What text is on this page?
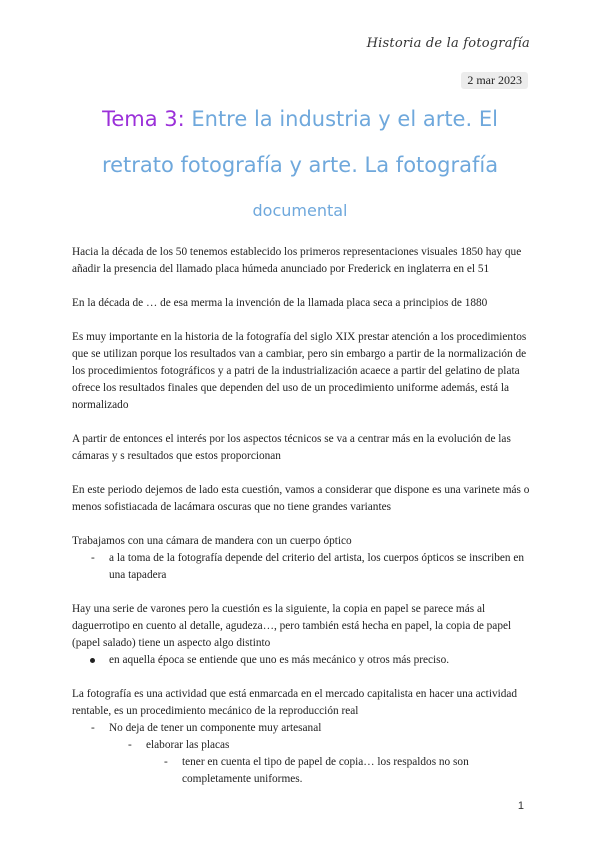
Historia de la fotografía
2 mar 2023
Tema 3: Entre la industria y el arte. El
retrato fotografía y arte. La fotografía
documental

Hacia la década de los 50 tenemos establecido los primeros representaciones visuales 1850 hay que añadir la presencia del llamado placa húmeda anunciado por Frederick en inglaterra en el 51

En la década de … de esa merma la invención de la llamada placa seca a principios de 1880

Es muy importante en la historia de la fotografía del siglo XIX prestar atención a los procedimientos que se utilizan porque los resultados van a cambiar, pero sin embargo a partir de la normalización de los procedimientos fotográficos y a patri de la industrialización acaece a partir del gelatino de plata ofrece los resultados finales que dependen del uso de un procedimiento uniforme además, está la normalizado

A partir de entonces el interés por los aspectos técnicos se va a centrar más en la evolución de las cámaras y s resultados que estos proporcionan

En este periodo dejemos de lado esta cuestión, vamos a considerar que dispone es una varinete más o menos sofistiacada de lacámara oscuras que no tiene grandes variantes

Trabajamos con una cámara de mandera con un cuerpo óptico

- a la toma de la fotografía depende del criterio del artista, los cuerpos ópticos se inscriben en una tapadera

Hay una serie de varones pero la cuestión es la siguiente, la copia en papel se parece más al daguerrotipo en cuento al detalle, agudeza…, pero también está hecha en papel, la copia de papel (papel salado) tiene un aspecto algo distinto

en aquella época se entiende que uno es más mecánico y otros más preciso.

La fotografía es una actividad que está enmarcada en el mercado capitalista en hacer una actividad rentable, es un procedimiento mecánico de la reproducción real

- No deja de tener un componente muy artesanal
- elaborar las placas
- tener en cuenta el tipo de papel de copia… los respaldos no son completamente uniformes.
1
